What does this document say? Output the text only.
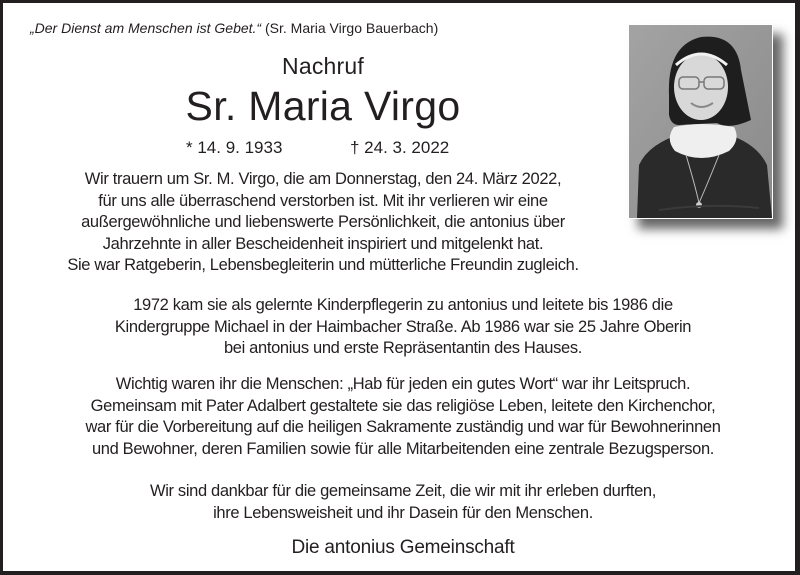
„Der Dienst am Menschen ist Gebet.“ (Sr. Maria Virgo Bauerbach)
Nachruf
Sr. Maria Virgo
* 14. 9. 1933	† 24. 3. 2022
Wir trauern um Sr. M. Virgo, die am Donnerstag, den 24. März 2022,
für uns alle überraschend verstorben ist. Mit ihr verlieren wir eine
außergewöhnliche und liebenswerte Persönlichkeit, die antonius über
Jahrzehnte in aller Bescheidenheit inspiriert und mitgelenkt hat.
Sie war Ratgeberin, Lebensbegleiterin und mütterliche Freundin zugleich.
1972 kam sie als gelernte Kinderpflegerin zu antonius und leitete bis 1986 die
Kindergruppe Michael in der Haimbacher Straße. Ab 1986 war sie 25 Jahre Oberin
bei antonius und erste Repräsentantin des Hauses.
Wichtig waren ihr die Menschen: „Hab für jeden ein gutes Wort“ war ihr Leitspruch.
Gemeinsam mit Pater Adalbert gestaltete sie das religiöse Leben, leitete den Kirchenchor,
war für die Vorbereitung auf die heiligen Sakramente zuständig und war für Bewohnerinnen
und Bewohner, deren Familien sowie für alle Mitarbeitenden eine zentrale Bezugsperson.
Wir sind dankbar für die gemeinsame Zeit, die wir mit ihr erleben durften,
ihre Lebensweisheit und ihr Dasein für den Menschen.
Die antonius Gemeinschaft
